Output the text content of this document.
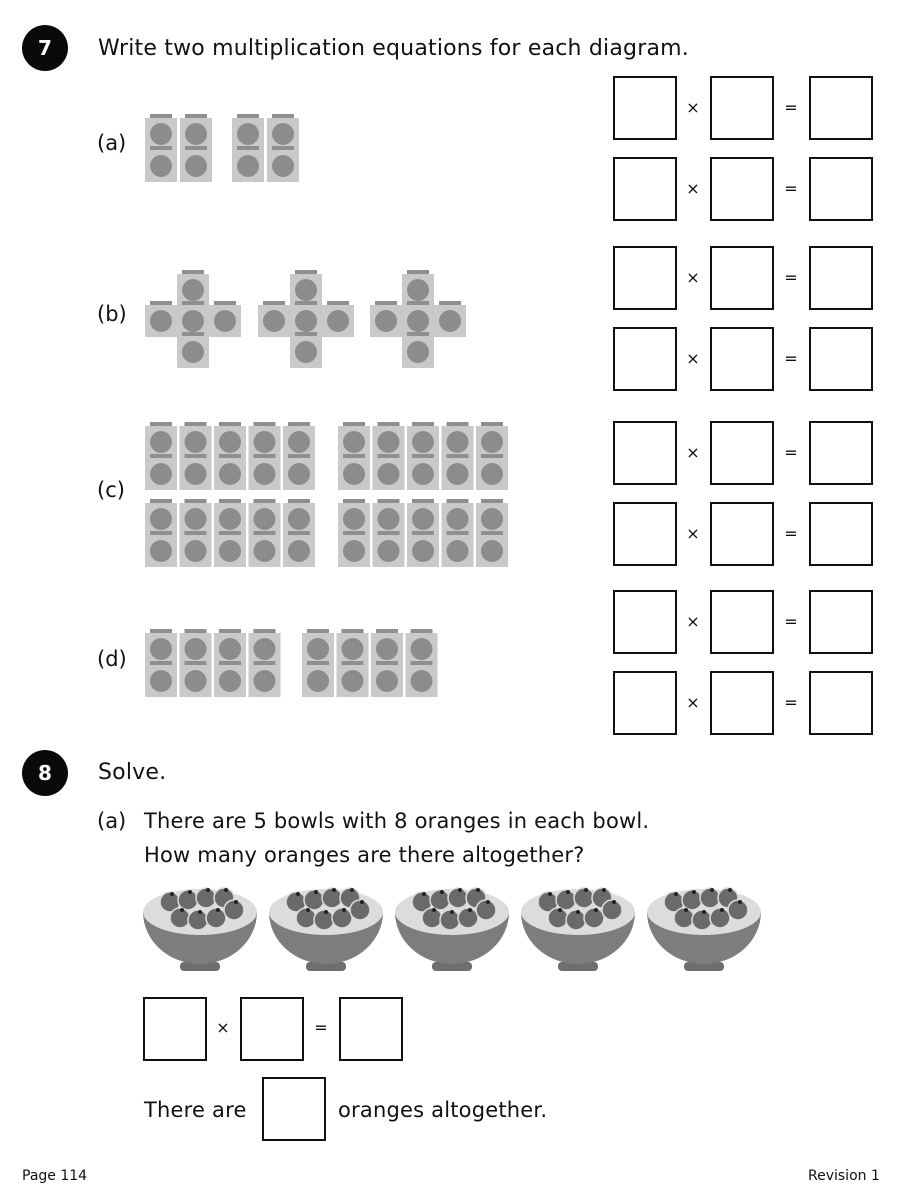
7	Write two multiplication equations for each diagram.
(a)
(b)
(c)
(d)
×	=
×	=
×	=
×	=
×	=
×	=
×	=
×	=
8	Solve.
(a) There are 5 bowls with 8 oranges in each bowl.
How many oranges are there altogether?
×	=
There are	oranges altogether.
Page 114	Revision 1
